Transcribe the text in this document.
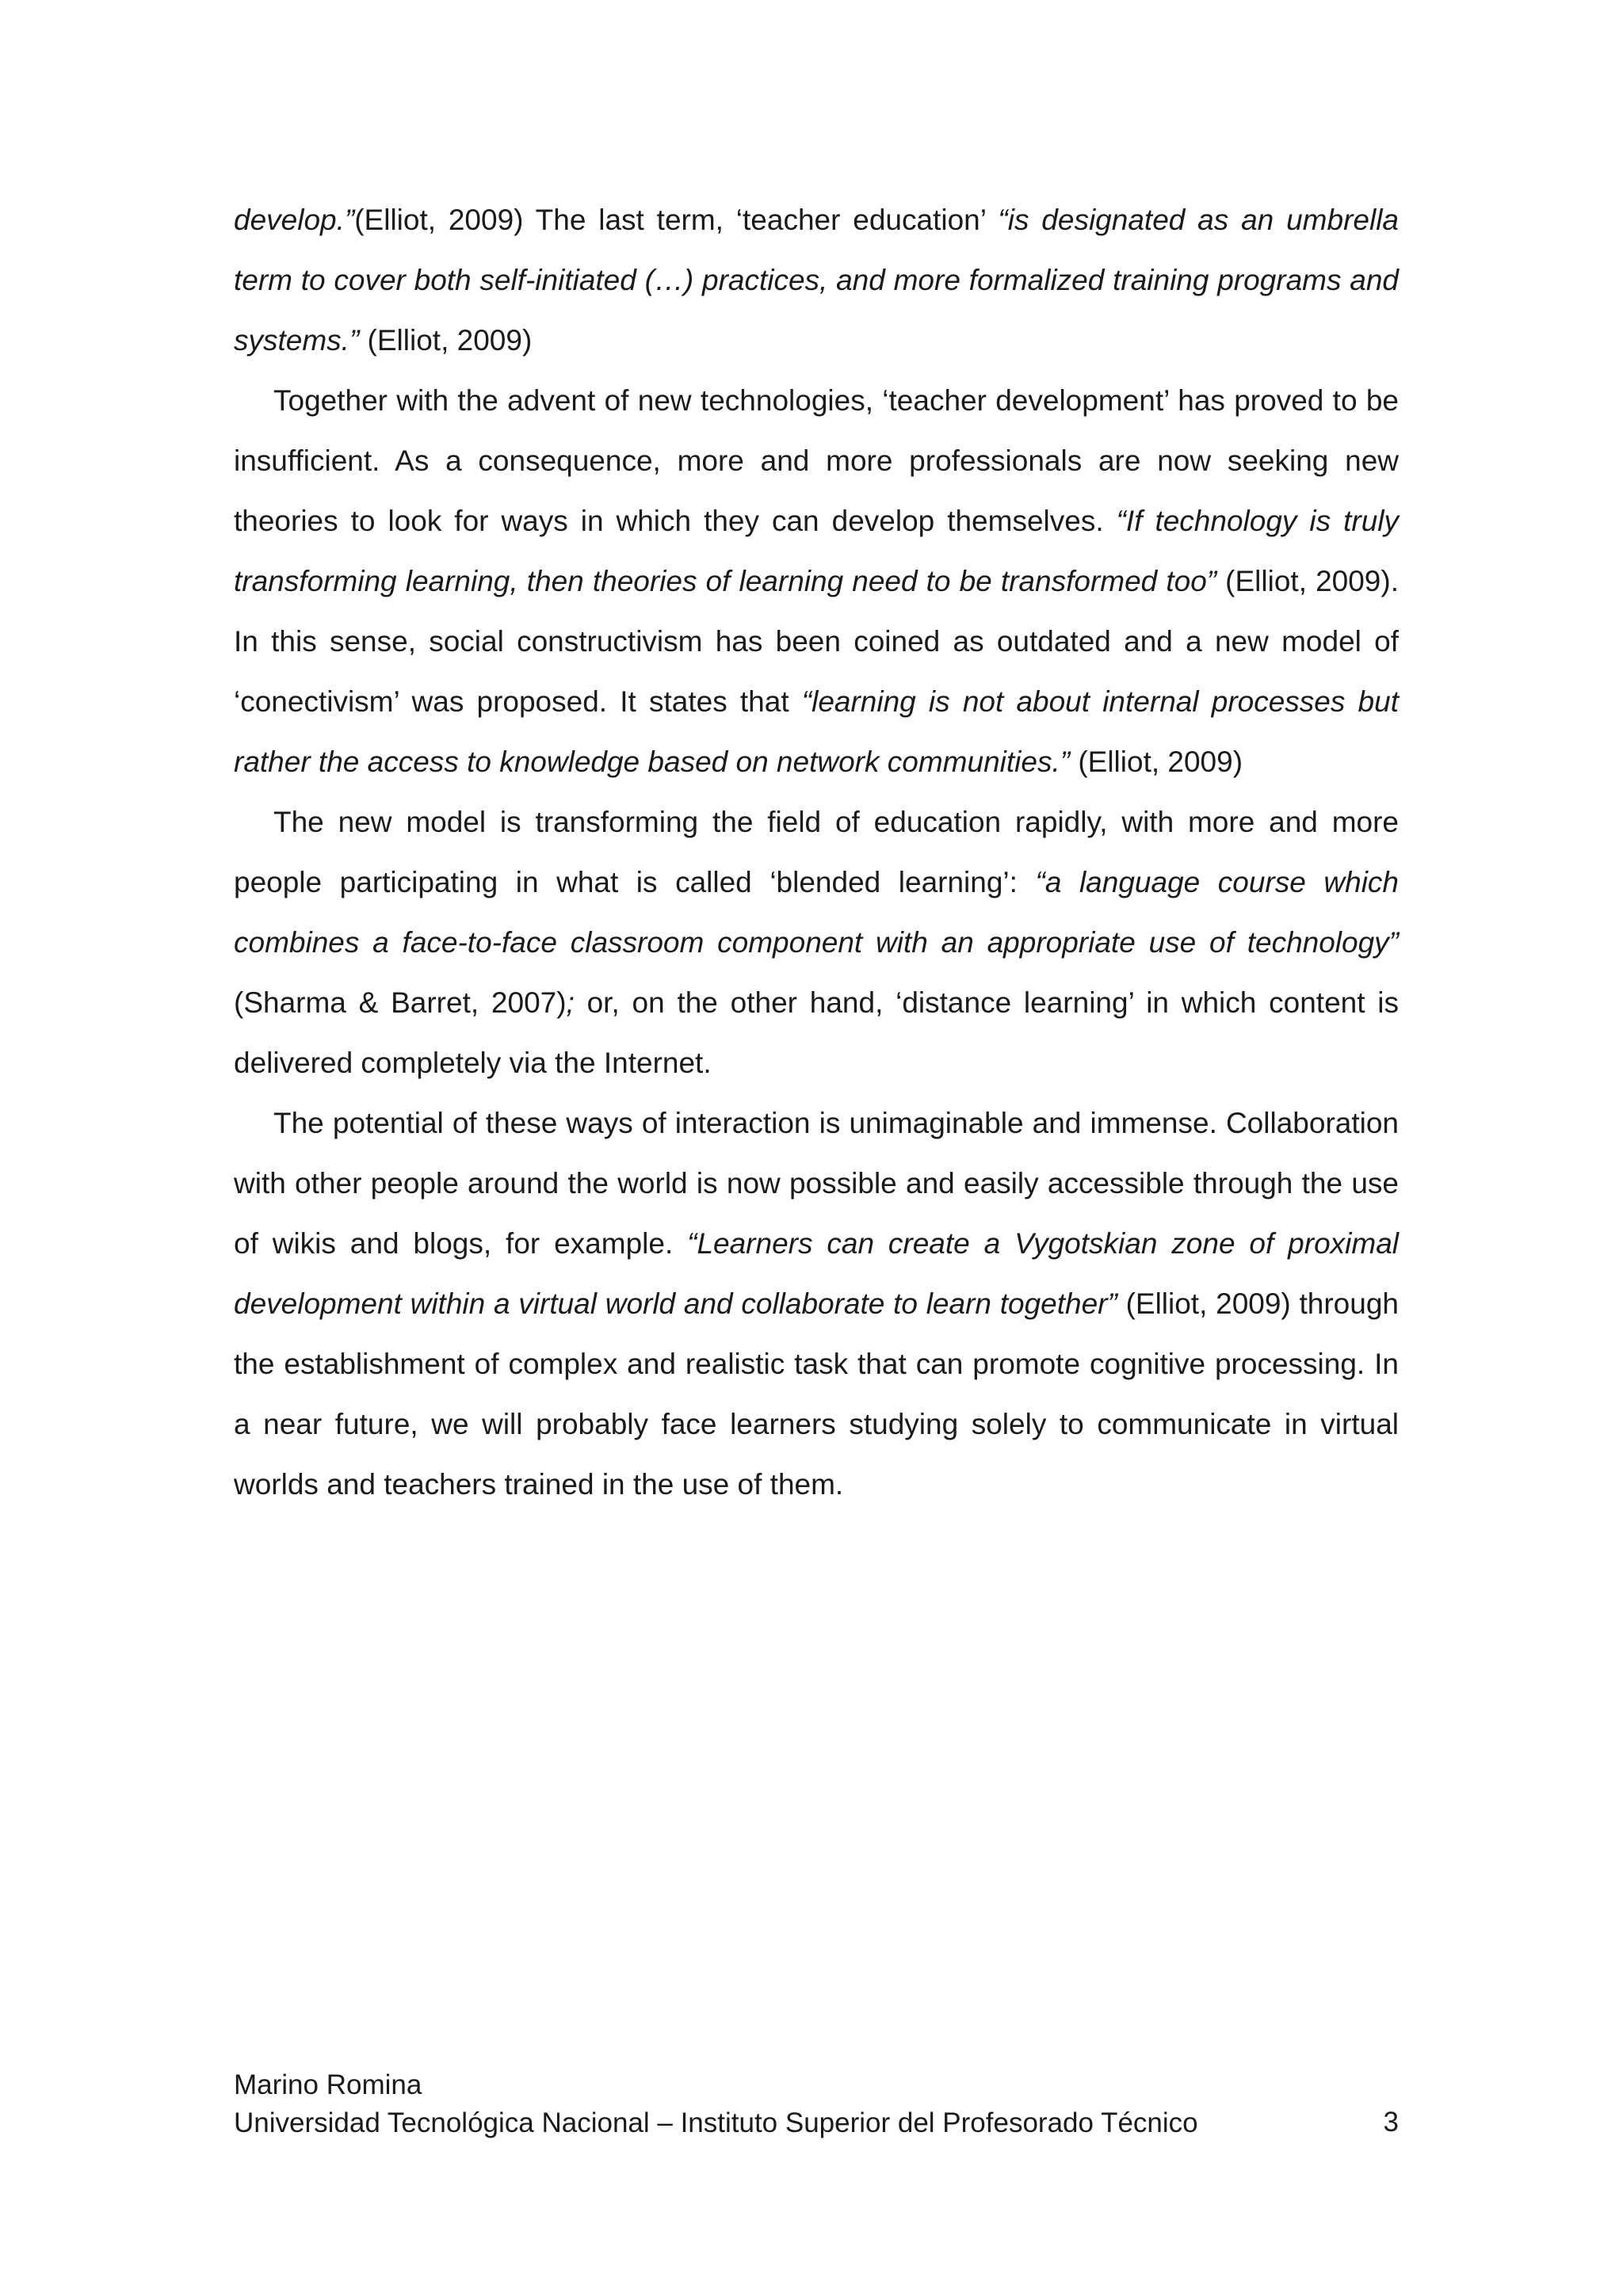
develop.”(Elliot, 2009) The last term, ‘teacher education’ “is designated as an umbrella term to cover both self-initiated (…) practices, and more formalized training programs and systems.” (Elliot, 2009)

Together with the advent of new technologies, ‘teacher development’ has proved to be insufficient. As a consequence, more and more professionals are now seeking new theories to look for ways in which they can develop themselves. “If technology is truly transforming learning, then theories of learning need to be transformed too” (Elliot, 2009). In this sense, social constructivism has been coined as outdated and a new model of ‘conectivism’ was proposed. It states that “learning is not about internal processes but rather the access to knowledge based on network communities.” (Elliot, 2009)

The new model is transforming the field of education rapidly, with more and more people participating in what is called ‘blended learning’: “a language course which combines a face-to-face classroom component with an appropriate use of technology” (Sharma & Barret, 2007); or, on the other hand, ‘distance learning’ in which content is delivered completely via the Internet.

The potential of these ways of interaction is unimaginable and immense. Collaboration with other people around the world is now possible and easily accessible through the use of wikis and blogs, for example. “Learners can create a Vygotskian zone of proximal development within a virtual world and collaborate to learn together” (Elliot, 2009) through the establishment of complex and realistic task that can promote cognitive processing. In a near future, we will probably face learners studying solely to communicate in virtual worlds and teachers trained in the use of them.

Marino Romina
Universidad Tecnológica Nacional – Instituto Superior del Profesorado Técnico	3
